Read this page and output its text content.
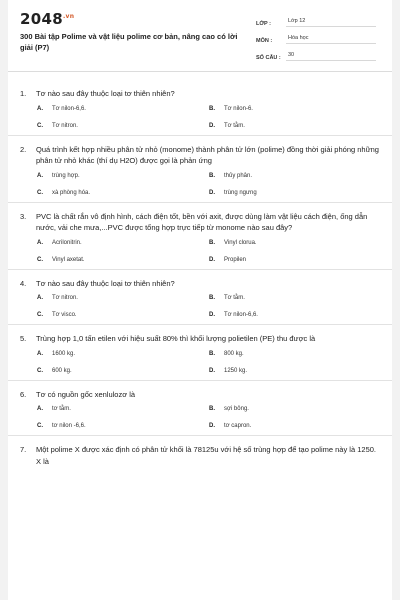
$2048^{.vn}$
300 Bài tập Polime và vật liệu polime cơ bản, nâng cao có lời giải (P7)
LỚP :	Lớp 12
MÔN :	Hóa học
SỐ CÂU :	30
1.	Tơ nào sau đây thuộc loại tơ thiên nhiên?
A.	Tơ nilon-6,6.	B.	Tơ nilon-6.
C.	Tơ nitron.	D.	Tơ tằm.
2.	Quá trình kết hợp nhiều phân tử nhỏ (monome) thành phân tử lớn (polime) đồng thời giải phóng những phân tử nhỏ khác (thí dụ H2O) được gọi là phản ứng
A.	trùng hợp.	B.	thủy phân.
C.	xà phòng hóa.	D.	trùng ngưng
3.	PVC là chất rắn vô định hình, cách điện tốt, bền với axit, được dùng làm vật liệu cách điện, ống dẫn nước, vải che mưa,...PVC được tổng hợp trực tiếp từ monome nào sau đây?
A.	Acrilonitrin.	B.	Vinyl clorua.
C.	Vinyl axetat.	D.	Propilen
4.	Tơ nào sau đây thuộc loại tơ thiên nhiên?
A.	Tơ nitron.	B.	Tơ tằm.
C.	Tơ visco.	D.	Tơ nilon-6,6.
5.	Trùng hợp 1,0 tấn etilen với hiệu suất 80% thì khối lượng polietilen (PE) thu được là
A.	1600 kg.	B.	800 kg.
C.	600 kg.	D.	1250 kg.
6.	Tơ có nguồn gốc xenlulozơ là
A.	tơ tằm.	B.	sợi bông.
C.	tơ nilon -6,6.	D.	tơ capron.
7.	Một polime X được xác định có phân tử khối là 78125u với hệ số trùng hợp để tạo polime này là 1250. X là
